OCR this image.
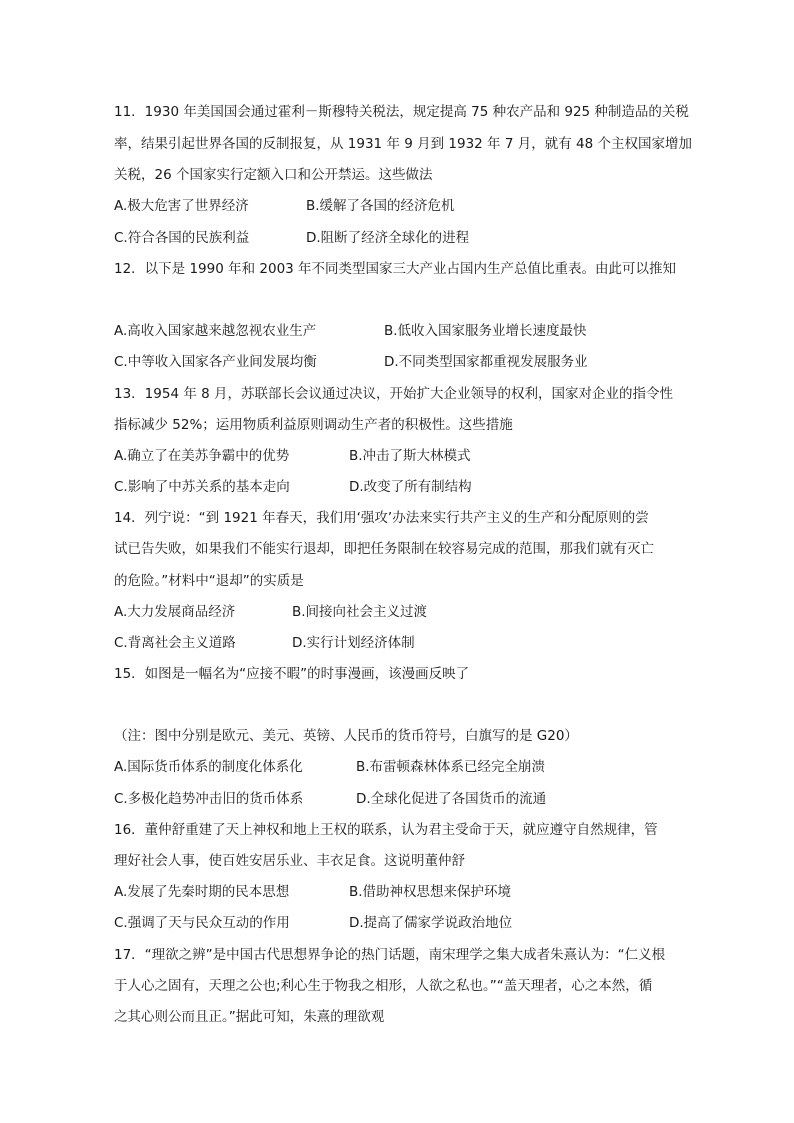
11．1930 年美国国会通过霍利－斯穆特关税法，规定提高 75 种农产品和 925 种制造品的关税
率，结果引起世界各国的反制报复，从 1931 年 9 月到 1932 年 7 月，就有 48 个主权国家增加
关税，26 个国家实行定额入口和公开禁运。这些做法
A.极大危害了世界经济	B.缓解了各国的经济危机
C.符合各国的民族利益	D.阻断了经济全球化的进程
12．以下是 1990 年和 2003 年不同类型国家三大产业占国内生产总值比重表。由此可以推知
A.高收入国家越来越忽视农业生产	B.低收入国家服务业增长速度最快
C.中等收入国家各产业间发展均衡	D.不同类型国家都重视发展服务业
13．1954 年 8 月，苏联部长会议通过决议，开始扩大企业领导的权利，国家对企业的指令性
指标减少 52%；运用物质利益原则调动生产者的积极性。这些措施
A.确立了在美苏争霸中的优势	B.冲击了斯大林模式
C.影响了中苏关系的基本走向	D.改变了所有制结构
14．列宁说：“到 1921 年春天，我们用‘强攻’办法来实行共产主义的生产和分配原则的尝
试已告失败，如果我们不能实行退却，即把任务限制在较容易完成的范围，那我们就有灭亡
的危险。”材料中“退却”的实质是
A.大力发展商品经济	B.间接向社会主义过渡
C.背离社会主义道路	D.实行计划经济体制
15．如图是一幅名为“应接不暇”的时事漫画，该漫画反映了
（注：图中分别是欧元、美元、英镑、人民币的货币符号，白旗写的是 G20）
A.国际货币体系的制度化体系化	B.布雷顿森林体系已经完全崩溃
C.多极化趋势冲击旧的货币体系	D.全球化促进了各国货币的流通
16．董仲舒重建了天上神权和地上王权的联系，认为君主受命于天，就应遵守自然规律，管
理好社会人事，使百姓安居乐业、丰衣足食。这说明董仲舒
A.发展了先秦时期的民本思想	B.借助神权思想来保护环境
C.强调了天与民众互动的作用	D.提高了儒家学说政治地位
17．“理欲之辨”是中国古代思想界争论的热门话题，南宋理学之集大成者朱熹认为：“仁义根
于人心之固有，天理之公也;利心生于物我之相形，人欲之私也。”“盖天理者，心之本然，循
之其心则公而且正。”据此可知，朱熹的理欲观
